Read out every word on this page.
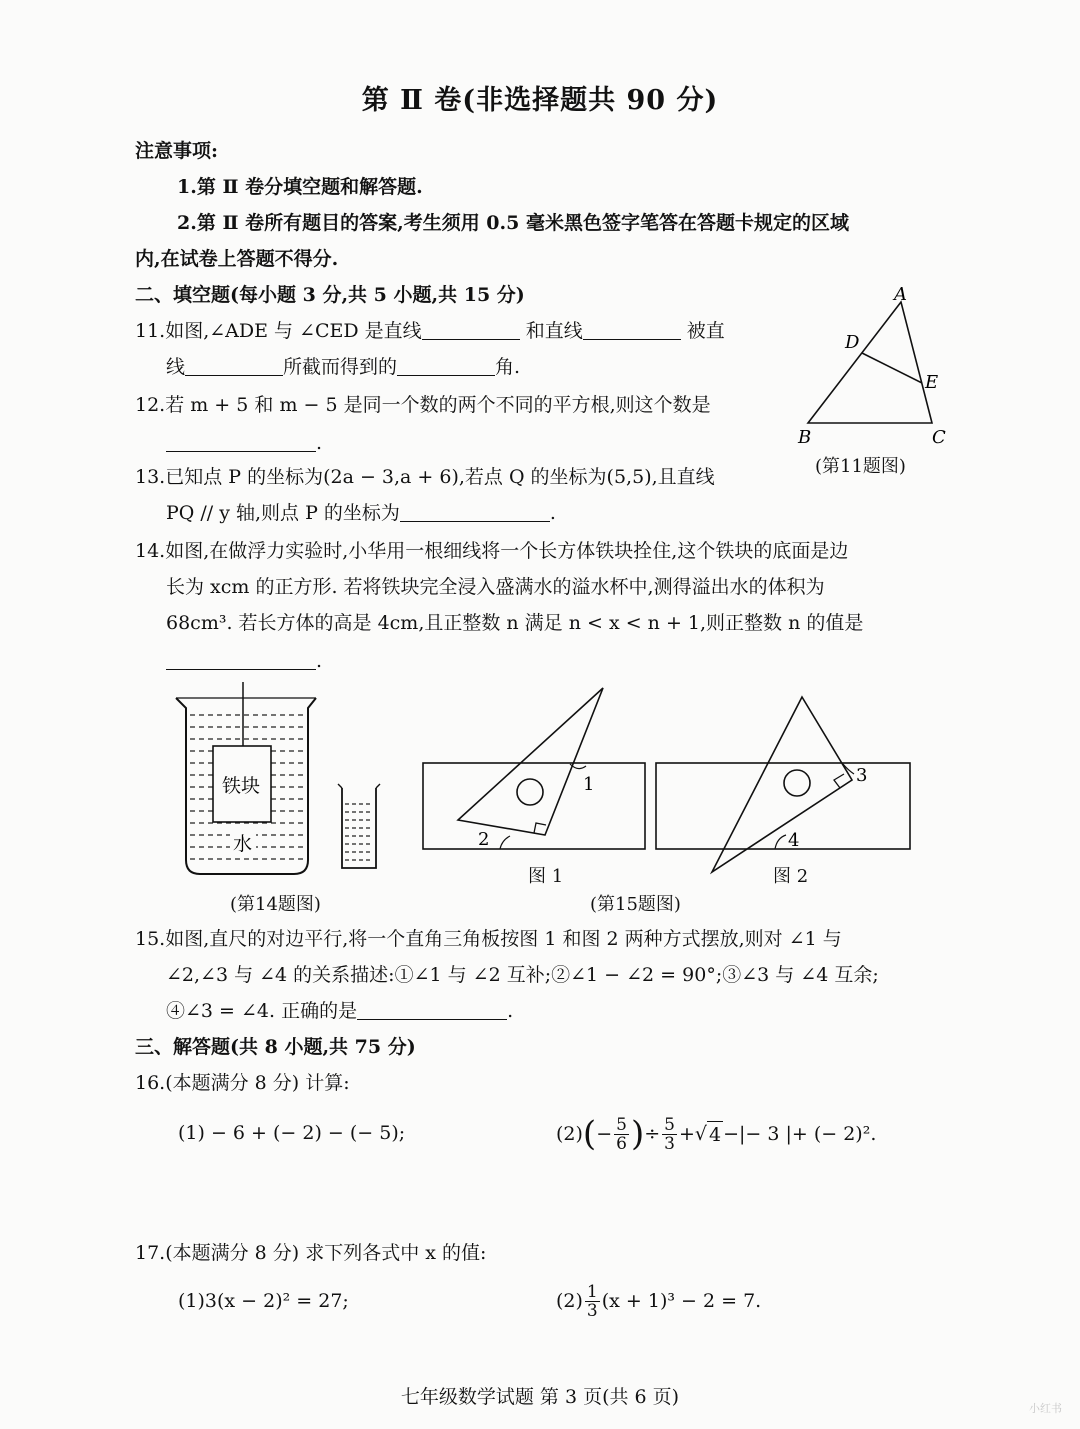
第 Ⅱ 卷(非选择题共 90 分)
注意事项:
1.第 Ⅱ 卷分填空题和解答题.
2.第 Ⅱ 卷所有题目的答案,考生须用 0.5 毫米黑色签字笔答在答题卡规定的区域
内,在试卷上答题不得分.
二、填空题(每小题 3 分,共 5 小题,共 15 分)
11.如图,∠ADE 与 ∠CED 是直线	和直线	被直
线	所截而得到的	角.
12.若 m + 5 和 m − 5 是同一个数的两个不同的平方根,则这个数是
.
13.已知点 P 的坐标为(2a − 3,a + 6),若点 Q 的坐标为(5,5),且直线
PQ // y 轴,则点 P 的坐标为	.
A
D
E
B	C
(第11题图)
14.如图,在做浮力实验时,小华用一根细线将一个长方体铁块拴住,这个铁块的底面是边
长为 xcm 的正方形. 若将铁块完全浸入盛满水的溢水杯中,测得溢出水的体积为
68cm³. 若长方体的高是 4cm,且正整数 n 满足 n < x < n + 1,则正整数 n 的值是
.
铁块
水
(第14题图)
1
2
3
4
图 1	图 2
(第15题图)
15.如图,直尺的对边平行,将一个直角三角板按图 1 和图 2 两种方式摆放,则对 ∠1 与
∠2,∠3 与 ∠4 的关系描述:①∠1 与 ∠2 互补;②∠1 − ∠2 = 90°;③∠3 与 ∠4 互余;
④∠3 = ∠4. 正确的是	.
三、解答题(共 8 小题,共 75 分)
16.(本题满分 8 分) 计算:
(1) − 6 + (− 2) − (− 5);	(2) ( − $\frac{5}{6}$ ) ÷ $\frac{5}{3}$ + √ 4 −|− 3 |+ (− 2)².
17.(本题满分 8 分) 求下列各式中 x 的值:
(1)3(x − 2)² = 27;	$(2) \frac{1}{3} (x + 1)^3 - 2 = 7$.
七年级数学试题 第 3 页(共 6 页)
小红书
